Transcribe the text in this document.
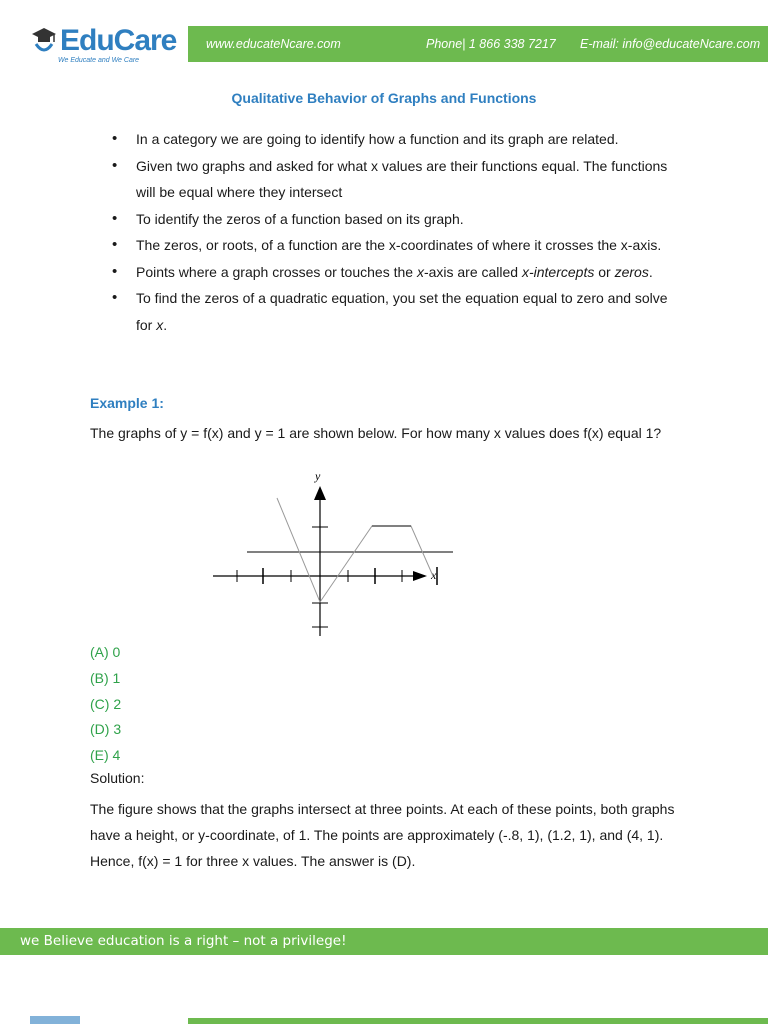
EduCare
We Educate and We Care
www.educateNcare.com	Phone| 1 866 338 7217 E-mail: info@educateNcare.com
Qualitative Behavior of Graphs and Functions
• In a category we are going to identify how a function and its graph are related.
• Given two graphs and asked for what x values are their functions equal. The functions will be equal where they intersect
• To identify the zeros of a function based on its graph.
• The zeros, or roots, of a function are the x-coordinates of where it crosses the x-axis.
• Points where a graph crosses or touches the x-axis are called x-intercepts or zeros.
• To find the zeros of a quadratic equation, you set the equation equal to zero and solve for x.
Example 1:
The graphs of y = f(x) and y = 1 are shown below. For how many x values does f(x) equal 1?
x
y
(A) 0
(B) 1
(C) 2
(D) 3
(E) 4
Solution:
The figure shows that the graphs intersect at three points. At each of these points, both graphs have a height, or y-coordinate, of 1. The points are approximately (-.8, 1), (1.2, 1), and (4, 1). Hence, f(x) = 1 for three x values. The answer is (D).
we Believe education is a right – not a privilege!
